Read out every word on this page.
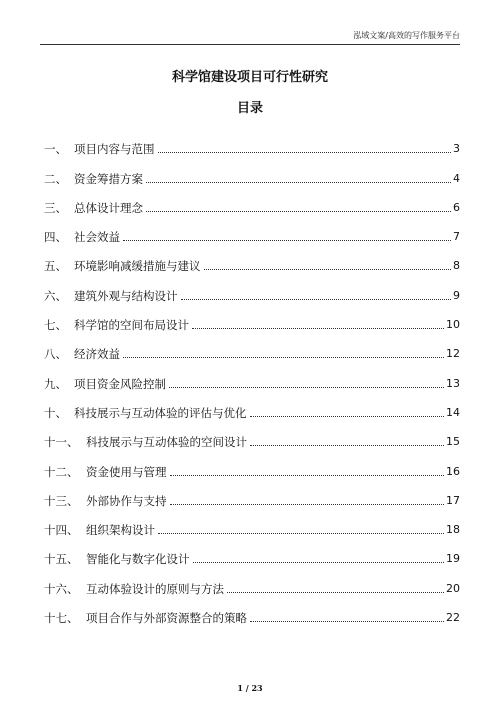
泓域文案/高效的写作服务平台
科学馆建设项目可行性研究
目录
一、 项目内容与范围	3
二、 资金筹措方案	4
三、 总体设计理念	6
四、 社会效益	7
五、 环境影响减缓措施与建议	8
六、 建筑外观与结构设计	9
七、 科学馆的空间布局设计	10
八、 经济效益	12
九、 项目资金风险控制	13
十、 科技展示与互动体验的评估与优化	14
十一、 科技展示与互动体验的空间设计	15
十二、 资金使用与管理	16
十三、 外部协作与支持	17
十四、 组织架构设计	18
十五、 智能化与数字化设计	19
十六、 互动体验设计的原则与方法	20
十七、 项目合作与外部资源整合的策略	22
1 / 23
